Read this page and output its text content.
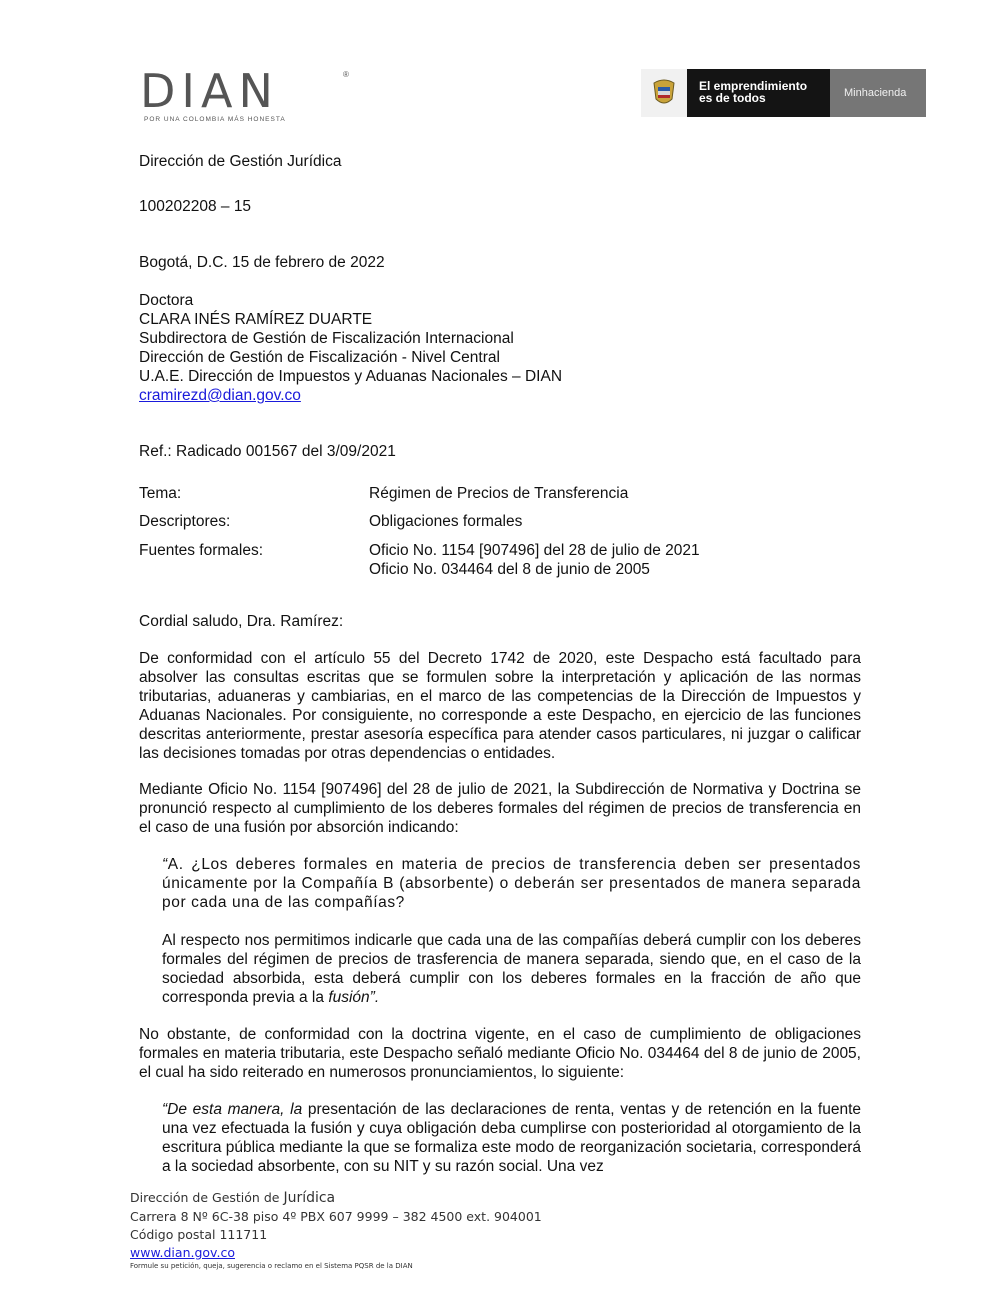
DIAN	®
POR UNA COLOMBIA MÁS HONESTA
El emprendimiento
es de todos	Minhacienda
Dirección de Gestión Jurídica
100202208 – 15
Bogotá, D.C. 15 de febrero de 2022
Doctora
CLARA INÉS RAMÍREZ DUARTE
Subdirectora de Gestión de Fiscalización Internacional
Dirección de Gestión de Fiscalización - Nivel Central
U.A.E. Dirección de Impuestos y Aduanas Nacionales – DIAN
cramirezd@dian.gov.co
Ref.: Radicado 001567 del 3/09/2021
Tema:	Régimen de Precios de Transferencia
Descriptores:	Obligaciones formales
Fuentes formales:	Oficio No. 1154 [907496] del 28 de julio de 2021
Oficio No. 034464 del 8 de junio de 2005
Cordial saludo, Dra. Ramírez:
De conformidad con el artículo 55 del Decreto 1742 de 2020, este Despacho está facultado para absolver las consultas escritas que se formulen sobre la interpretación y aplicación de las normas tributarias, aduaneras y cambiarias, en el marco de las competencias de la Dirección de Impuestos y Aduanas Nacionales. Por consiguiente, no corresponde a este Despacho, en ejercicio de las funciones descritas anteriormente, prestar asesoría específica para atender casos particulares, ni juzgar o calificar las decisiones tomadas por otras dependencias o entidades.
Mediante Oficio No. 1154 [907496] del 28 de julio de 2021, la Subdirección de Normativa y Doctrina se pronunció respecto al cumplimiento de los deberes formales del régimen de precios de transferencia en el caso de una fusión por absorción indicando:
“A. ¿Los deberes formales en materia de precios de transferencia deben ser presentados únicamente por la Compañía B (absorbente) o deberán ser presentados de manera separada por cada una de las compañías?
Al respecto nos permitimos indicarle que cada una de las compañías deberá cumplir con los deberes formales del régimen de precios de trasferencia de manera separada, siendo que, en el caso de la sociedad absorbida, esta deberá cumplir con los deberes formales en la fracción de año que corresponda previa a la fusión”.
No obstante, de conformidad con la doctrina vigente, en el caso de cumplimiento de obligaciones formales en materia tributaria, este Despacho señaló mediante Oficio No. 034464 del 8 de junio de 2005, el cual ha sido reiterado en numerosos pronunciamientos, lo siguiente:
“De esta manera, la presentación de las declaraciones de renta, ventas y de retención en la fuente una vez efectuada la fusión y cuya obligación deba cumplirse con posterioridad al otorgamiento de la escritura pública mediante la que se formaliza este modo de reorganización societaria, corresponderá a la sociedad absorbente, con su NIT y su razón social. Una vez
Dirección de Gestión de Jurídica
Carrera 8 Nº 6C-38 piso 4º PBX 607 9999 – 382 4500 ext. 904001
Código postal 111711
www.dian.gov.co
Formule su petición, queja, sugerencia o reclamo en el Sistema PQSR de la DIAN
